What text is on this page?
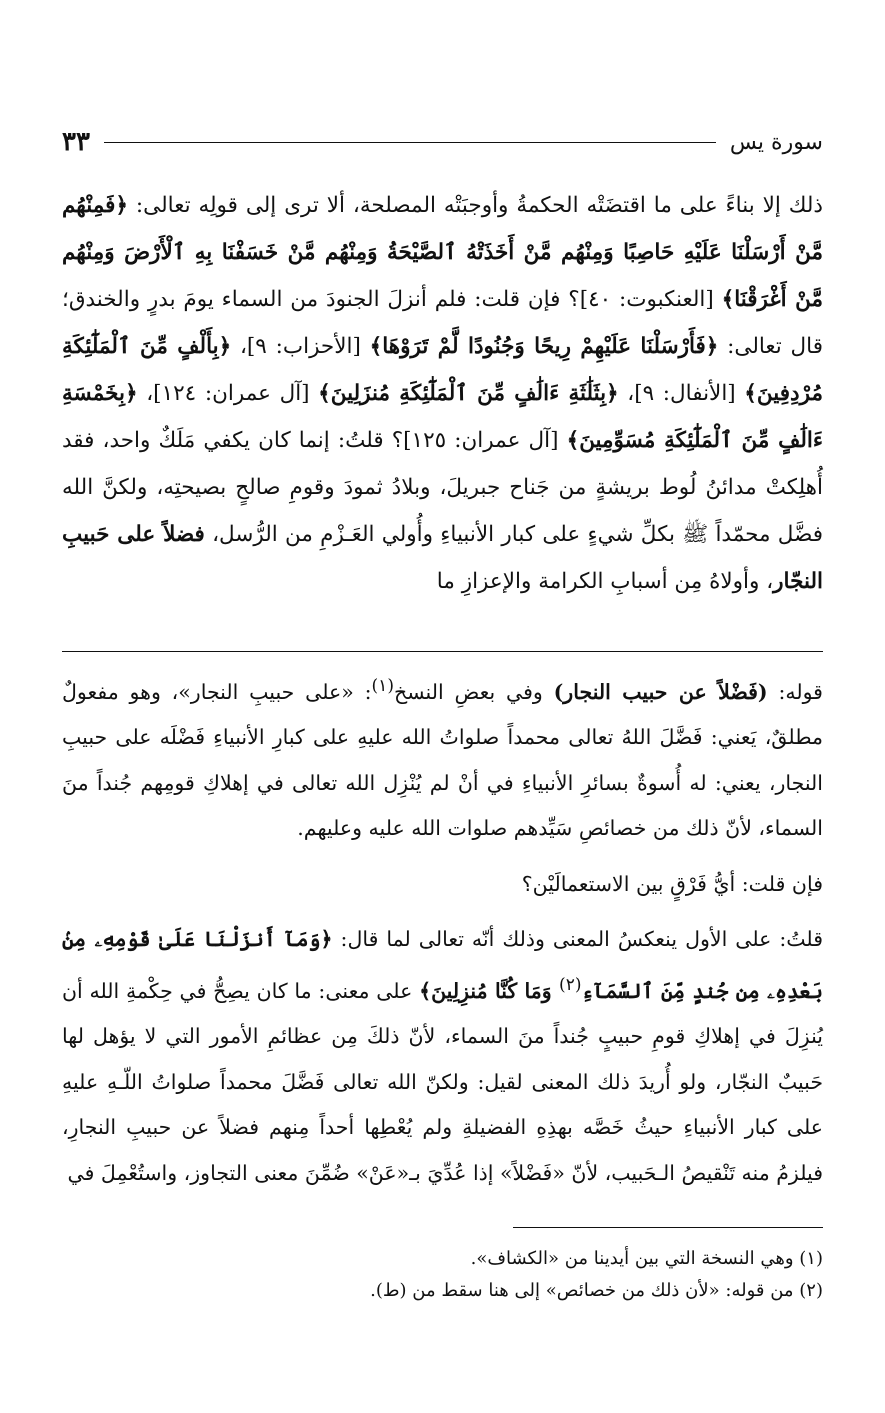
سورة يس
٣٣

ذلك إلا بناءً على ما اقتضَتْه الحكمةُ وأوجبَتْه المصلحة، ألا ترى إلى قولِه تعالى: ﴿فَمِنْهُم مَّنْ أَرْسَلْنَا عَلَيْهِ حَاصِبًا وَمِنْهُم مَّنْ أَخَذَتْهُ ٱلصَّيْحَةُ وَمِنْهُم مَّنْ خَسَفْنَا بِهِ ٱلْأَرْضَ وَمِنْهُم مَّنْ أَغْرَقْنَا﴾ [العنكبوت: ٤٠]؟ فإن قلت: فلم أنزلَ الجنودَ من السماء يومَ بدرٍ والخندق؛ قال تعالى: ﴿فَأَرْسَلْنَا عَلَيْهِمْ رِيحًا وَجُنُودًا لَّمْ تَرَوْهَا﴾ [الأحزاب: ٩]، ﴿بِأَلْفٍ مِّنَ ٱلْمَلَٰٓئِكَةِ مُرْدِفِينَ﴾ [الأنفال: ٩]، ﴿بِثَلَٰثَةِ ءَالَٰفٍ مِّنَ ٱلْمَلَٰٓئِكَةِ مُنزَلِينَ﴾ [آل عمران: ١٢٤]، ﴿بِخَمْسَةِ ءَالَٰفٍ مِّنَ ٱلْمَلَٰٓئِكَةِ مُسَوِّمِينَ﴾ [آل عمران: ١٢٥]؟ قلتُ: إنما كان يكفي مَلَكٌ واحد، فقد أُهلِكتْ مدائنُ لُوط بريشةٍ من جَناح جبريلَ، وبلادُ ثمودَ وقومِ صالحٍ بصيحتِه، ولكنَّ الله فضَّل محمّداً ﷺ بكلِّ شيءٍ على كبار الأنبياءِ وأُولي العَـزْمِ من الرُّسل، فضلاً على حَبيبِ النجّار، وأولاهُ مِن أسبابِ الكرامة والإعزازِ ما

قوله: (فَضْلاً عن حبيب النجار) وفي بعضِ النسخ$^{(١)}$: «على حبيبِ النجار»، وهو مفعولٌ مطلقٌ، يَعني: فَضَّلَ اللهُ تعالى محمداً صلواتُ الله عليهِ على كبارِ الأنبياءِ فَضْلَه على حبيبِ النجار، يعني: له أُسوةٌ بسائرِ الأنبياءِ في أنْ لم يُنْزِل الله تعالى في إهلاكِ قومِهم جُنداً منَ السماء، لأنّ ذلك من خصائصِ سَيِّدهم صلوات الله عليه وعليهم.

فإن قلت: أيُّ فَرْقٍ بين الاستعمالَيْن؟

قلتُ: على الأول ينعكسُ المعنى وذلك أنّه تعالى لما قال: ﴿وَمَآ أَنزَلْنَا عَلَىٰ قَوْمِهِۦ مِنۢ بَعْدِهِۦ مِن جُندٍ مِّنَ ٱلسَّمَآءِ$^{(٢)}$ وَمَا كُنَّا مُنزِلِينَ﴾ على معنى: ما كان يصِحُّ في حِكْمةِ الله أن يُنزِلَ في إهلاكِ قومِ حبيبٍ جُنداً منَ السماء، لأنّ ذلكَ مِن عظائمِ الأمور التي لا يؤهل لها حَبيبٌ النجّار، ولو أُريدَ ذلك المعنى لقيل: ولكنّ الله تعالى فَضَّلَ محمداً صلواتُ اللّـهِ عليهِ على كبار الأنبياءِ حيثُ خَصَّه بهذِهِ الفضيلةِ ولم يُعْطِها أحداً مِنهم فضلاً عن حبيبِ النجارِ، فيلزمُ منه تَنْقيصُ الـحَبيب، لأنّ «فَضْلاً» إذا عُدِّيَ بـ«عَنْ» ضُمِّنَ معنى التجاوز، واستُعْمِلَ في

(١) وهي النسخة التي بين أيدينا من «الكشاف».

(٢) من قوله: «لأن ذلك من خصائص» إلى هنا سقط من (ط).
